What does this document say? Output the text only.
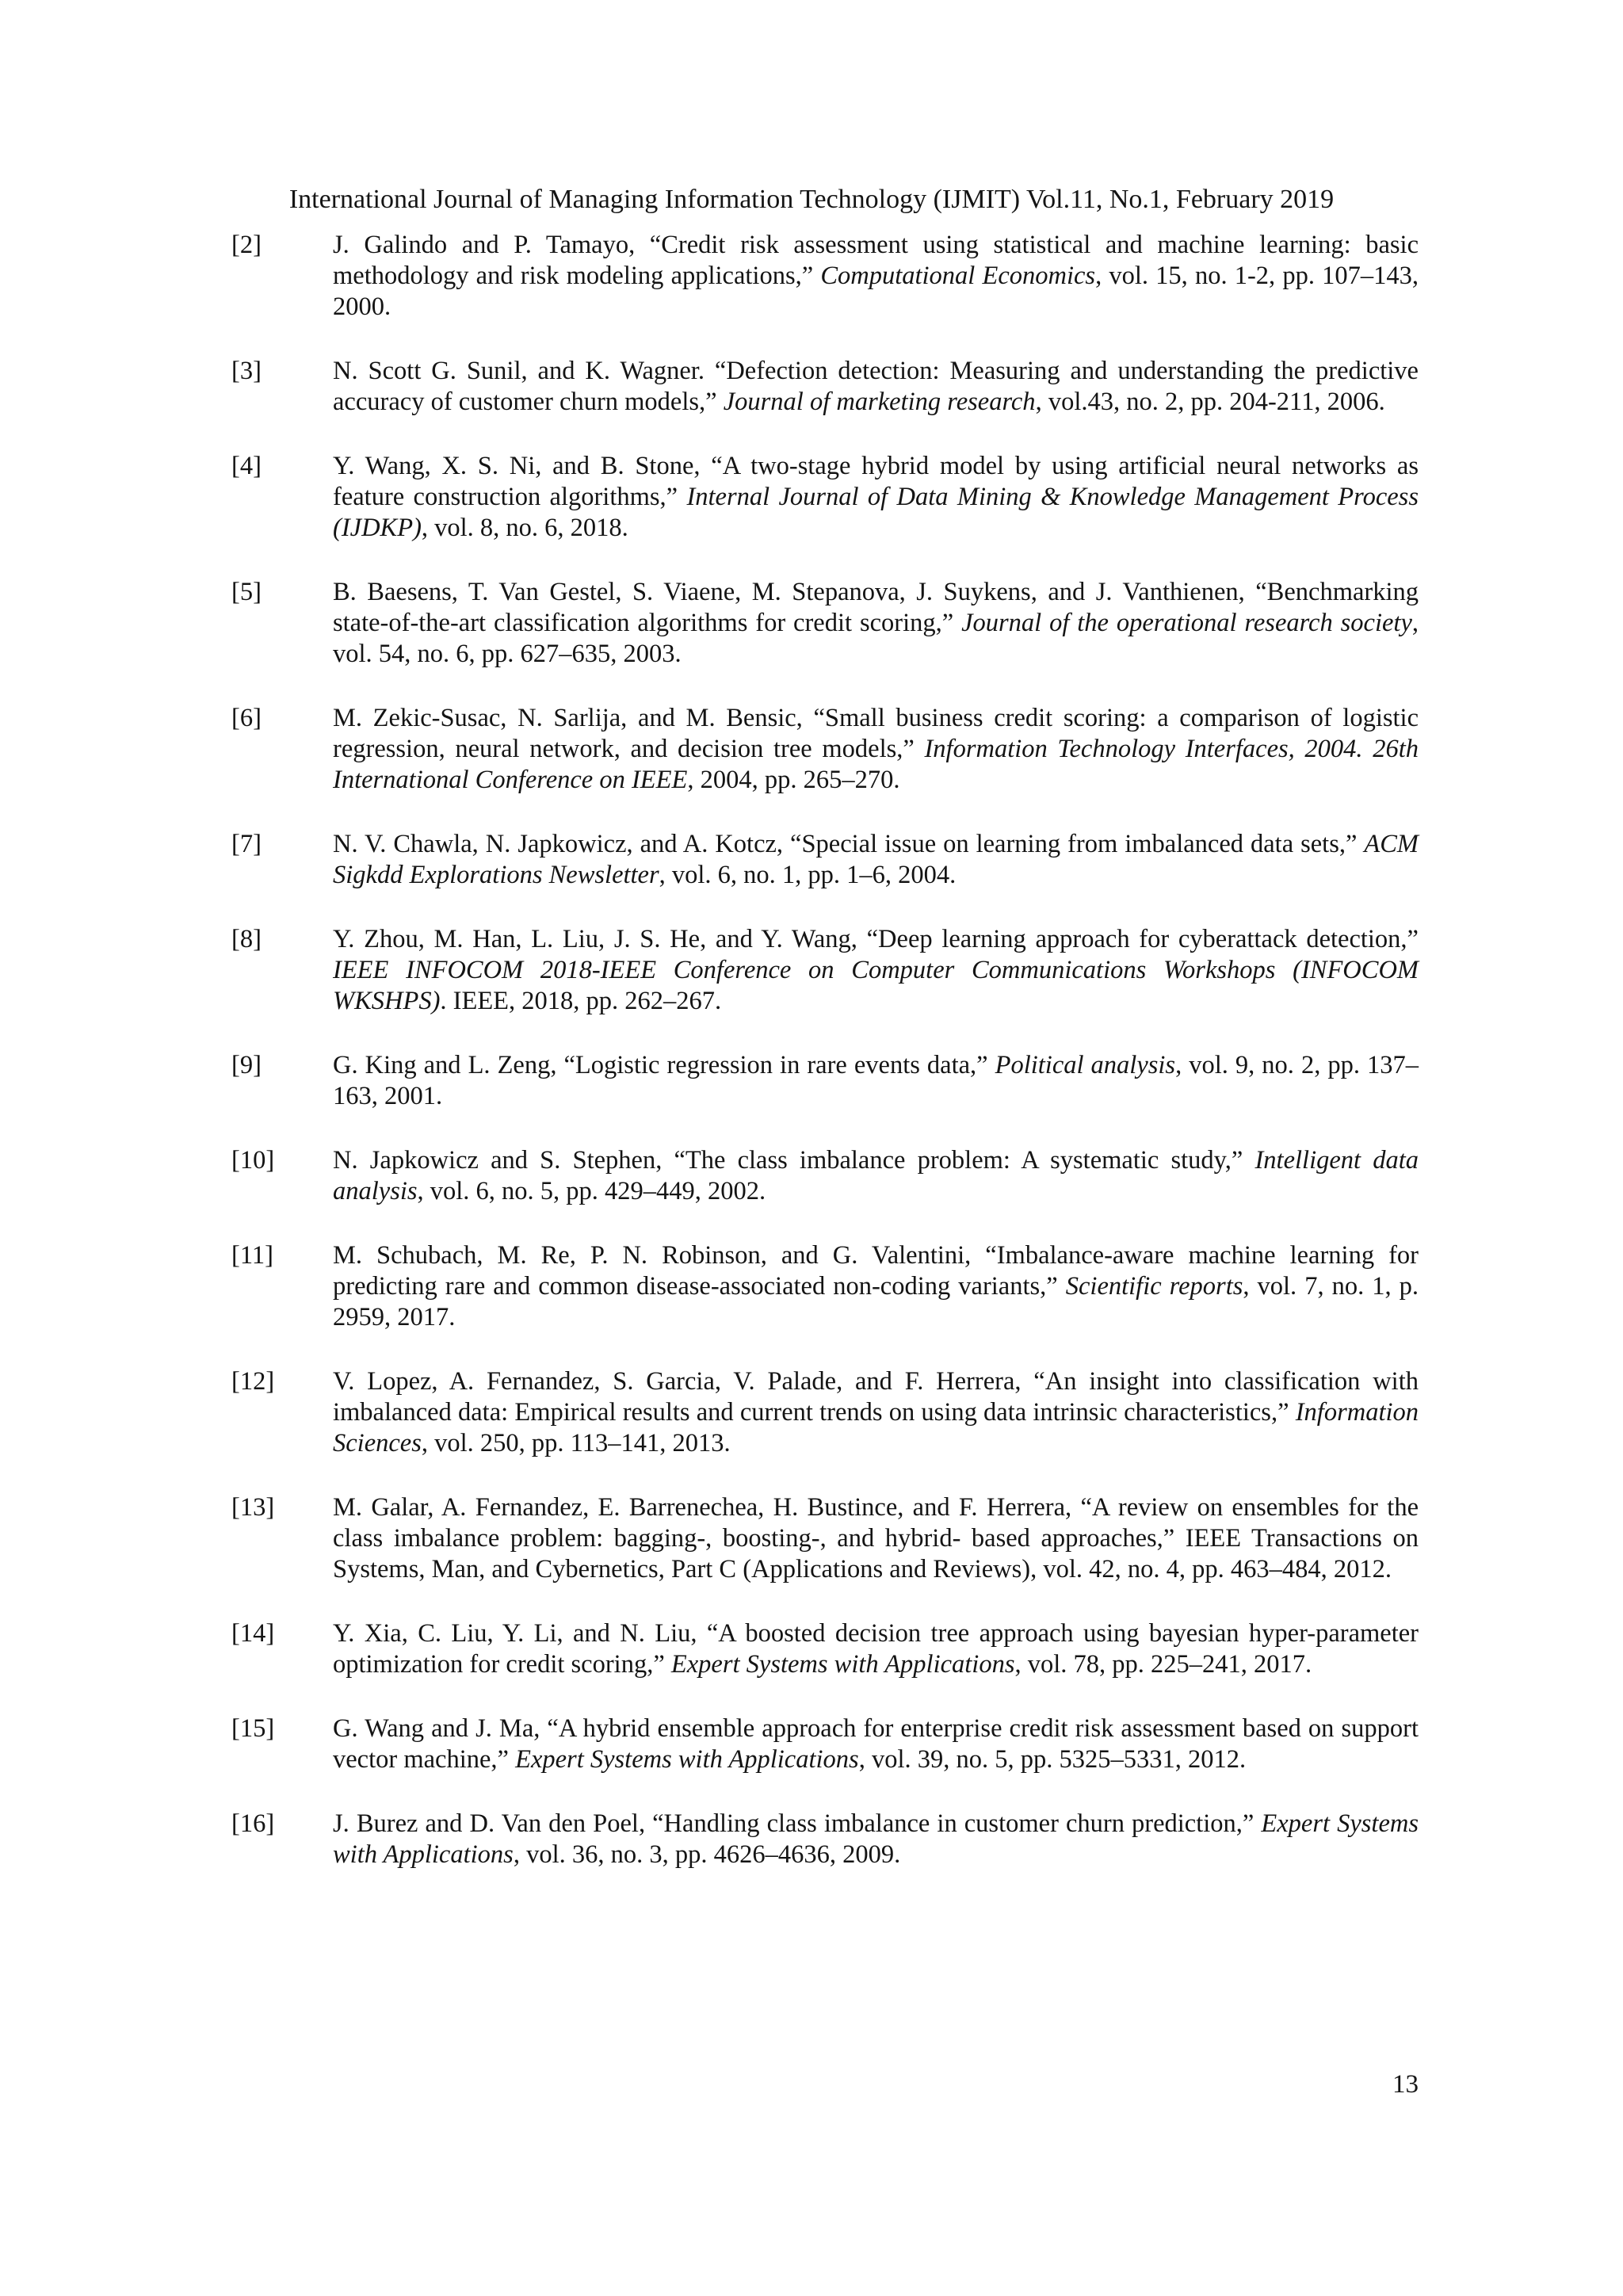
International Journal of Managing Information Technology (IJMIT) Vol.11, No.1, February 2019
[2]	J. Galindo and P. Tamayo, “Credit risk assessment using statistical and machine learning: basic methodology and risk modeling applications,” Computational Economics, vol. 15, no. 1-2, pp. 107–143, 2000.
[3]	N. Scott G. Sunil, and K. Wagner. “Defection detection: Measuring and understanding the predictive accuracy of customer churn models,” Journal of marketing research, vol.43, no. 2, pp. 204-211, 2006.
[4]	Y. Wang, X. S. Ni, and B. Stone, “A two-stage hybrid model by using artificial neural networks as feature construction algorithms,” Internal Journal of Data Mining & Knowledge Management Process (IJDKP), vol. 8, no. 6, 2018.
[5]	B. Baesens, T. Van Gestel, S. Viaene, M. Stepanova, J. Suykens, and J. Vanthienen, “Benchmarking state-of-the-art classification algorithms for credit scoring,” Journal of the operational research society, vol. 54, no. 6, pp. 627–635, 2003.
[6]	M. Zekic-Susac, N. Sarlija, and M. Bensic, “Small business credit scoring: a comparison of logistic regression, neural network, and decision tree models,” Information Technology Interfaces, 2004. 26th International Conference on IEEE, 2004, pp. 265–270.
[7]	N. V. Chawla, N. Japkowicz, and A. Kotcz, “Special issue on learning from imbalanced data sets,” ACM Sigkdd Explorations Newsletter, vol. 6, no. 1, pp. 1–6, 2004.
[8]	Y. Zhou, M. Han, L. Liu, J. S. He, and Y. Wang, “Deep learning approach for cyberattack detection,” IEEE INFOCOM 2018-IEEE Conference on Computer Communications Workshops (INFOCOM WKSHPS). IEEE, 2018, pp. 262–267.
[9]	G. King and L. Zeng, “Logistic regression in rare events data,” Political analysis, vol. 9, no. 2, pp. 137–163, 2001.
[10]	N. Japkowicz and S. Stephen, “The class imbalance problem: A systematic study,” Intelligent data analysis, vol. 6, no. 5, pp. 429–449, 2002.
[11]	M. Schubach, M. Re, P. N. Robinson, and G. Valentini, “Imbalance-aware machine learning for predicting rare and common disease-associated non-coding variants,” Scientific reports, vol. 7, no. 1, p. 2959, 2017.
[12]	V. Lopez, A. Fernandez, S. Garcia, V. Palade, and F. Herrera, “An insight into classification with imbalanced data: Empirical results and current trends on using data intrinsic characteristics,” Information Sciences, vol. 250, pp. 113–141, 2013.
[13]	M. Galar, A. Fernandez, E. Barrenechea, H. Bustince, and F. Herrera, “A review on ensembles for the class imbalance problem: bagging-, boosting-, and hybrid- based approaches,” IEEE Transactions on Systems, Man, and Cybernetics, Part C (Applications and Reviews), vol. 42, no. 4, pp. 463–484, 2012.
[14]	Y. Xia, C. Liu, Y. Li, and N. Liu, “A boosted decision tree approach using bayesian hyper-parameter optimization for credit scoring,” Expert Systems with Applications, vol. 78, pp. 225–241, 2017.
[15]	G. Wang and J. Ma, “A hybrid ensemble approach for enterprise credit risk assessment based on support vector machine,” Expert Systems with Applications, vol. 39, no. 5, pp. 5325–5331, 2012.
[16]	J. Burez and D. Van den Poel, “Handling class imbalance in customer churn prediction,” Expert Systems with Applications, vol. 36, no. 3, pp. 4626–4636, 2009.
13
